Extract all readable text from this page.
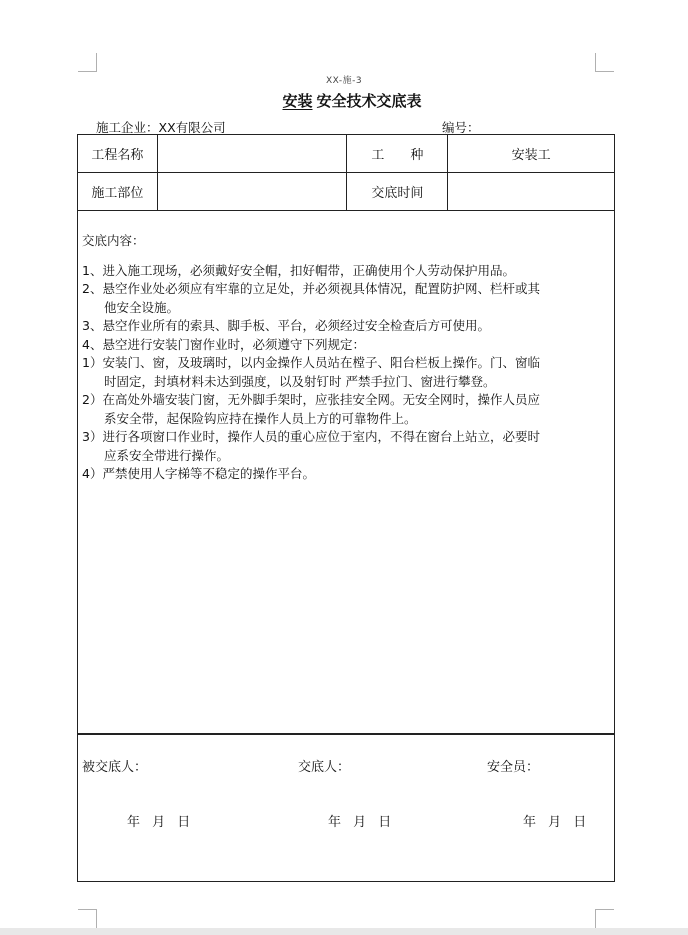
XX-施-3
安装 安全技术交底表
施工企业：XX有限公司	编号：
工程名称		工　　种	安装工
施工部位		交底时间	

交底内容：

1、进入施工现场，必须戴好安全帽，扣好帽带，正确使用个人劳动保护用品。

2、悬空作业处必须应有牢靠的立足处，并必须视具体情况，配置防护网、栏杆或其

他安全设施。

3、悬空作业所有的索具、脚手板、平台，必须经过安全检查后方可使用。

4、悬空进行安装门窗作业时，必须遵守下列规定：

1）安装门、窗，及玻璃时，以内金操作人员站在樘子、阳台栏板上操作。门、窗临

时固定，封填材料未达到强度，以及射钉时 严禁手拉门、窗进行攀登。

2）在高处外墙安装门窗，无外脚手架时，应张挂安全网。无安全网时，操作人员应

系安全带，起保险钩应持在操作人员上方的可靠物件上。

3）进行各项窗口作业时，操作人员的重心应位于室内，不得在窗台上站立，必要时

应系安全带进行操作。

4）严禁使用人字梯等不稳定的操作平台。

被交底人：	交底人：	安全员：
年 月 日	年 月 日	年 月 日
